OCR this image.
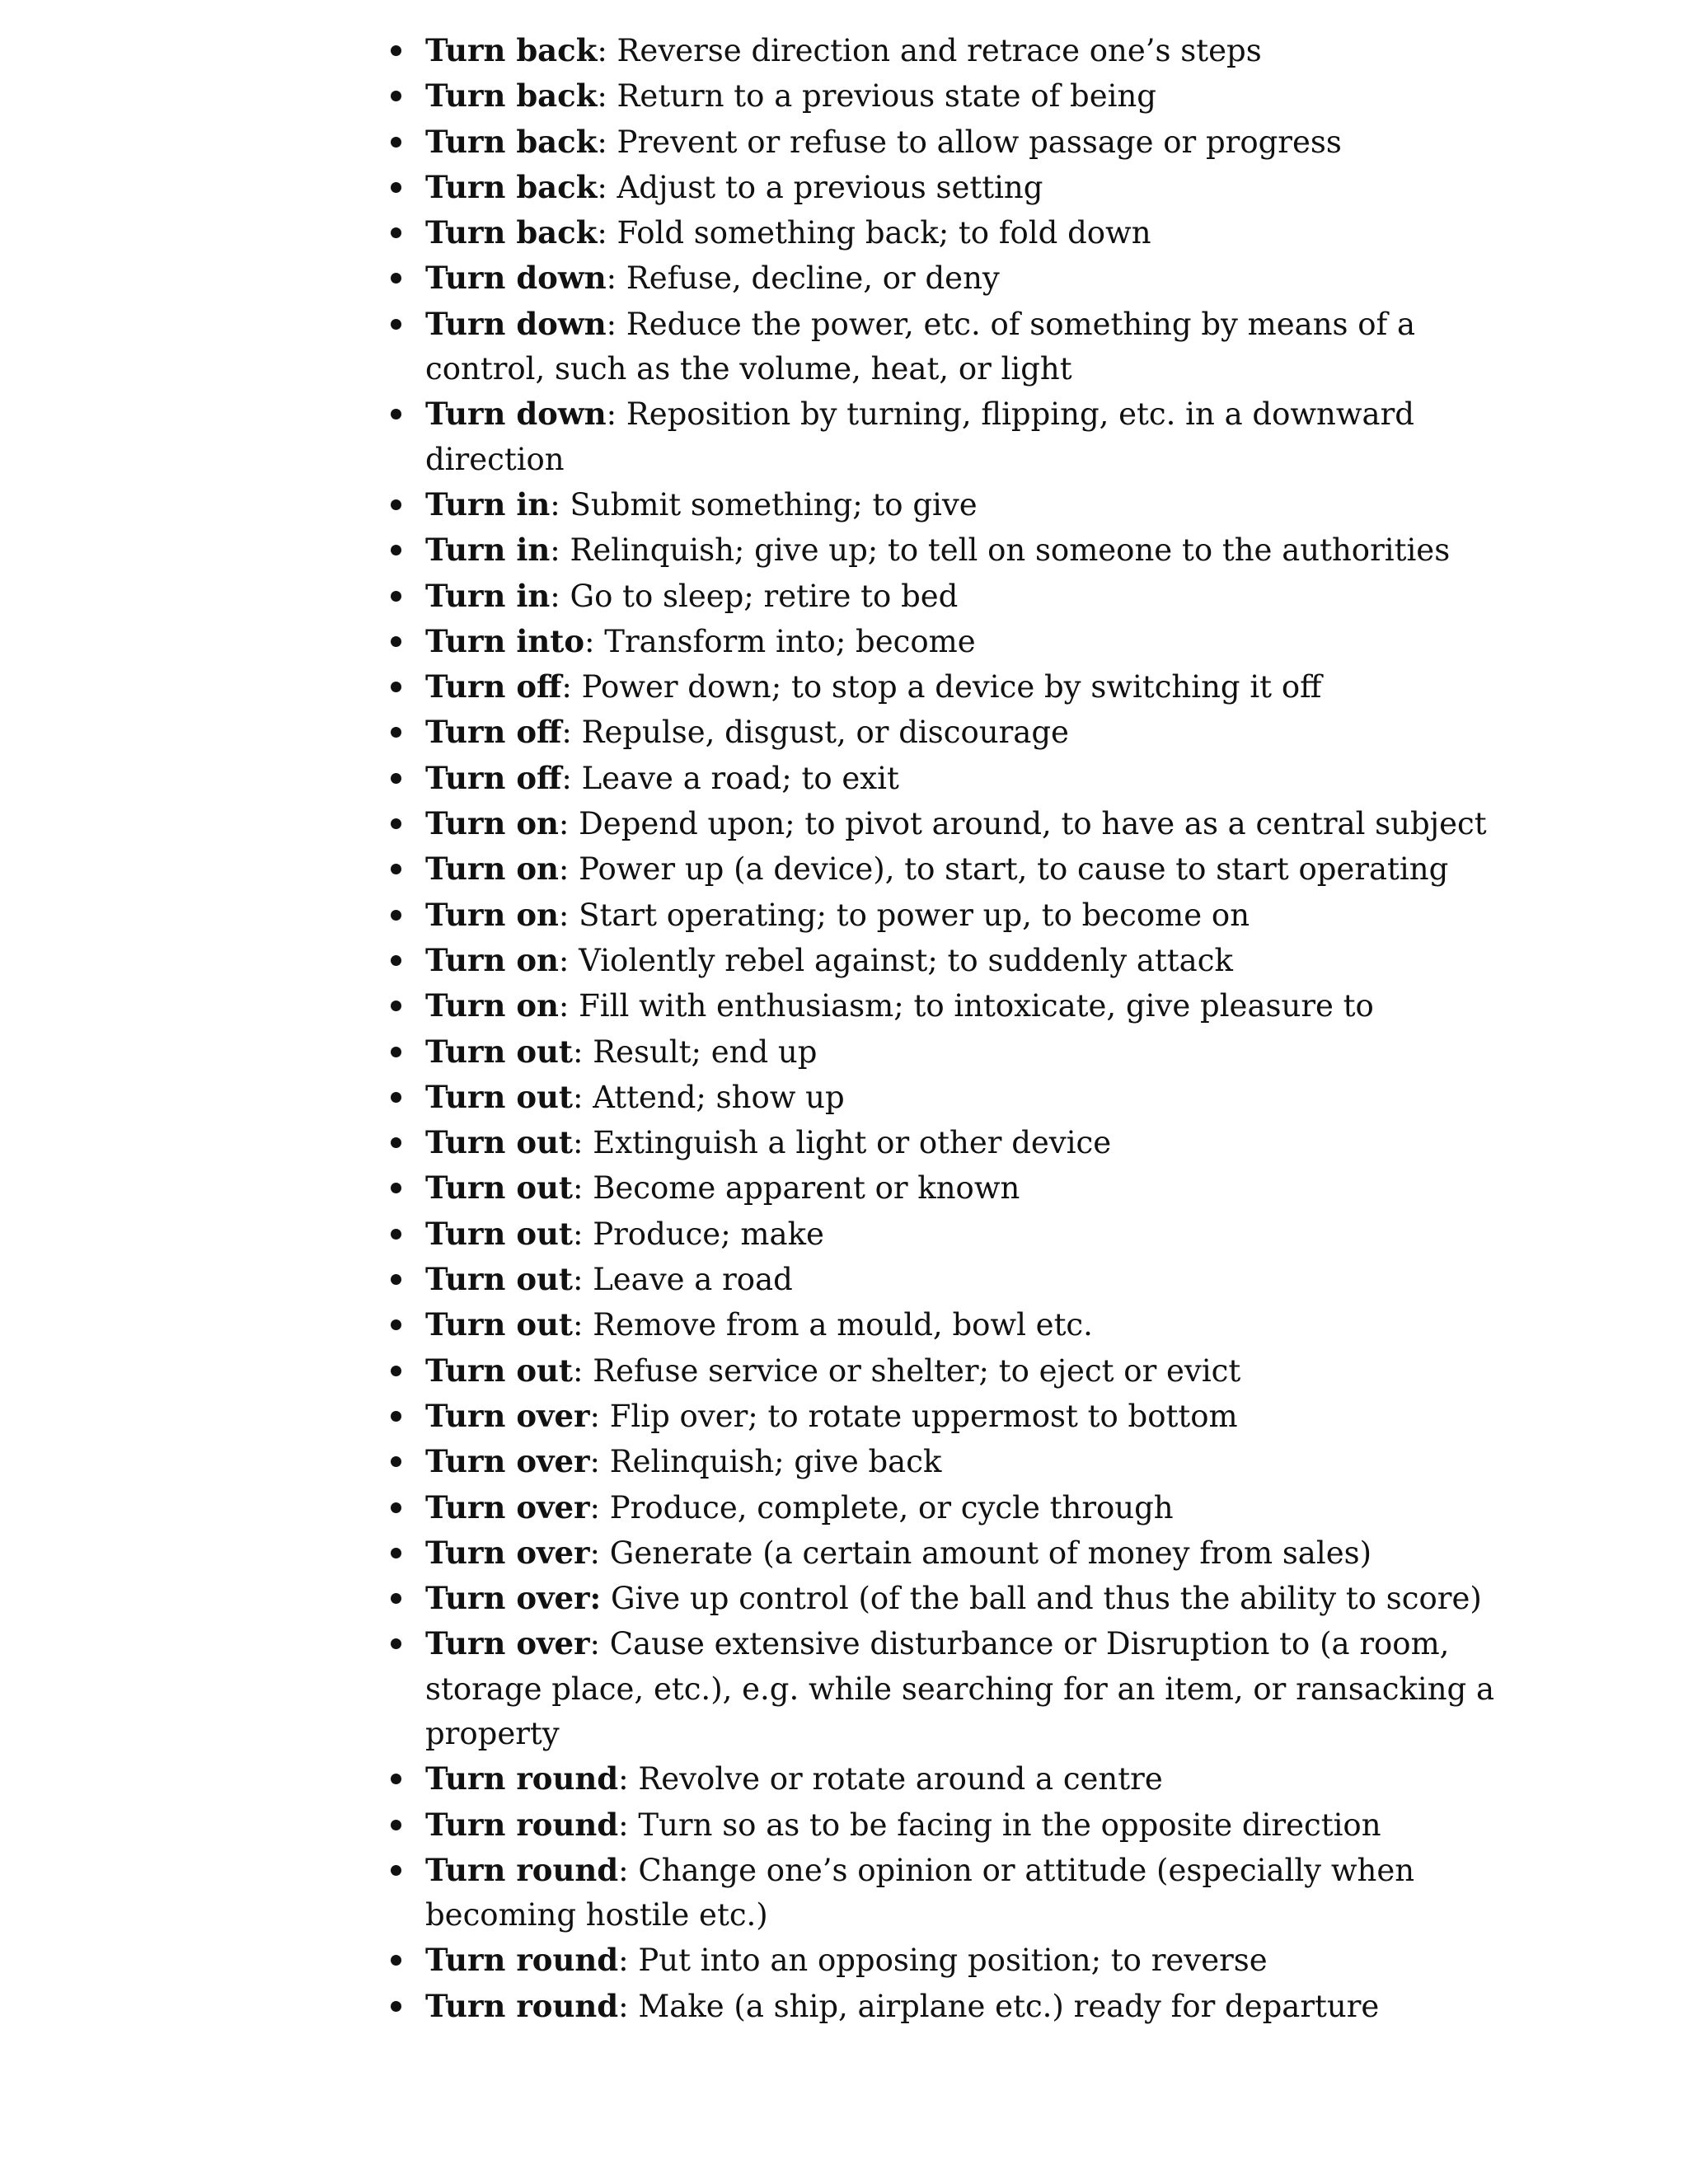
Turn back: Reverse direction and retrace one’s steps
Turn back: Return to a previous state of being
Turn back: Prevent or refuse to allow passage or progress
Turn back: Adjust to a previous setting
Turn back: Fold something back; to fold down
Turn down: Refuse, decline, or deny
Turn down: Reduce the power, etc. of something by means of a control, such as the volume, heat, or light
Turn down: Reposition by turning, flipping, etc. in a downward direction
Turn in: Submit something; to give
Turn in: Relinquish; give up; to tell on someone to the authorities
Turn in: Go to sleep; retire to bed
Turn into: Transform into; become
Turn off: Power down; to stop a device by switching it off
Turn off: Repulse, disgust, or discourage
Turn off: Leave a road; to exit
Turn on: Depend upon; to pivot around, to have as a central subject
Turn on: Power up (a device), to start, to cause to start operating
Turn on: Start operating; to power up, to become on
Turn on: Violently rebel against; to suddenly attack
Turn on: Fill with enthusiasm; to intoxicate, give pleasure to
Turn out: Result; end up
Turn out: Attend; show up
Turn out: Extinguish a light or other device
Turn out: Become apparent or known
Turn out: Produce; make
Turn out: Leave a road
Turn out: Remove from a mould, bowl etc.
Turn out: Refuse service or shelter; to eject or evict
Turn over: Flip over; to rotate uppermost to bottom
Turn over: Relinquish; give back
Turn over: Produce, complete, or cycle through
Turn over: Generate (a certain amount of money from sales)
Turn over: Give up control (of the ball and thus the ability to score)
Turn over: Cause extensive disturbance or Disruption to (a room, storage place, etc.), e.g. while searching for an item, or ransacking a property
Turn round: Revolve or rotate around a centre
Turn round: Turn so as to be facing in the opposite direction
Turn round: Change one’s opinion or attitude (especially when becoming hostile etc.)
Turn round: Put into an opposing position; to reverse
Turn round: Make (a ship, airplane etc.) ready for departure
